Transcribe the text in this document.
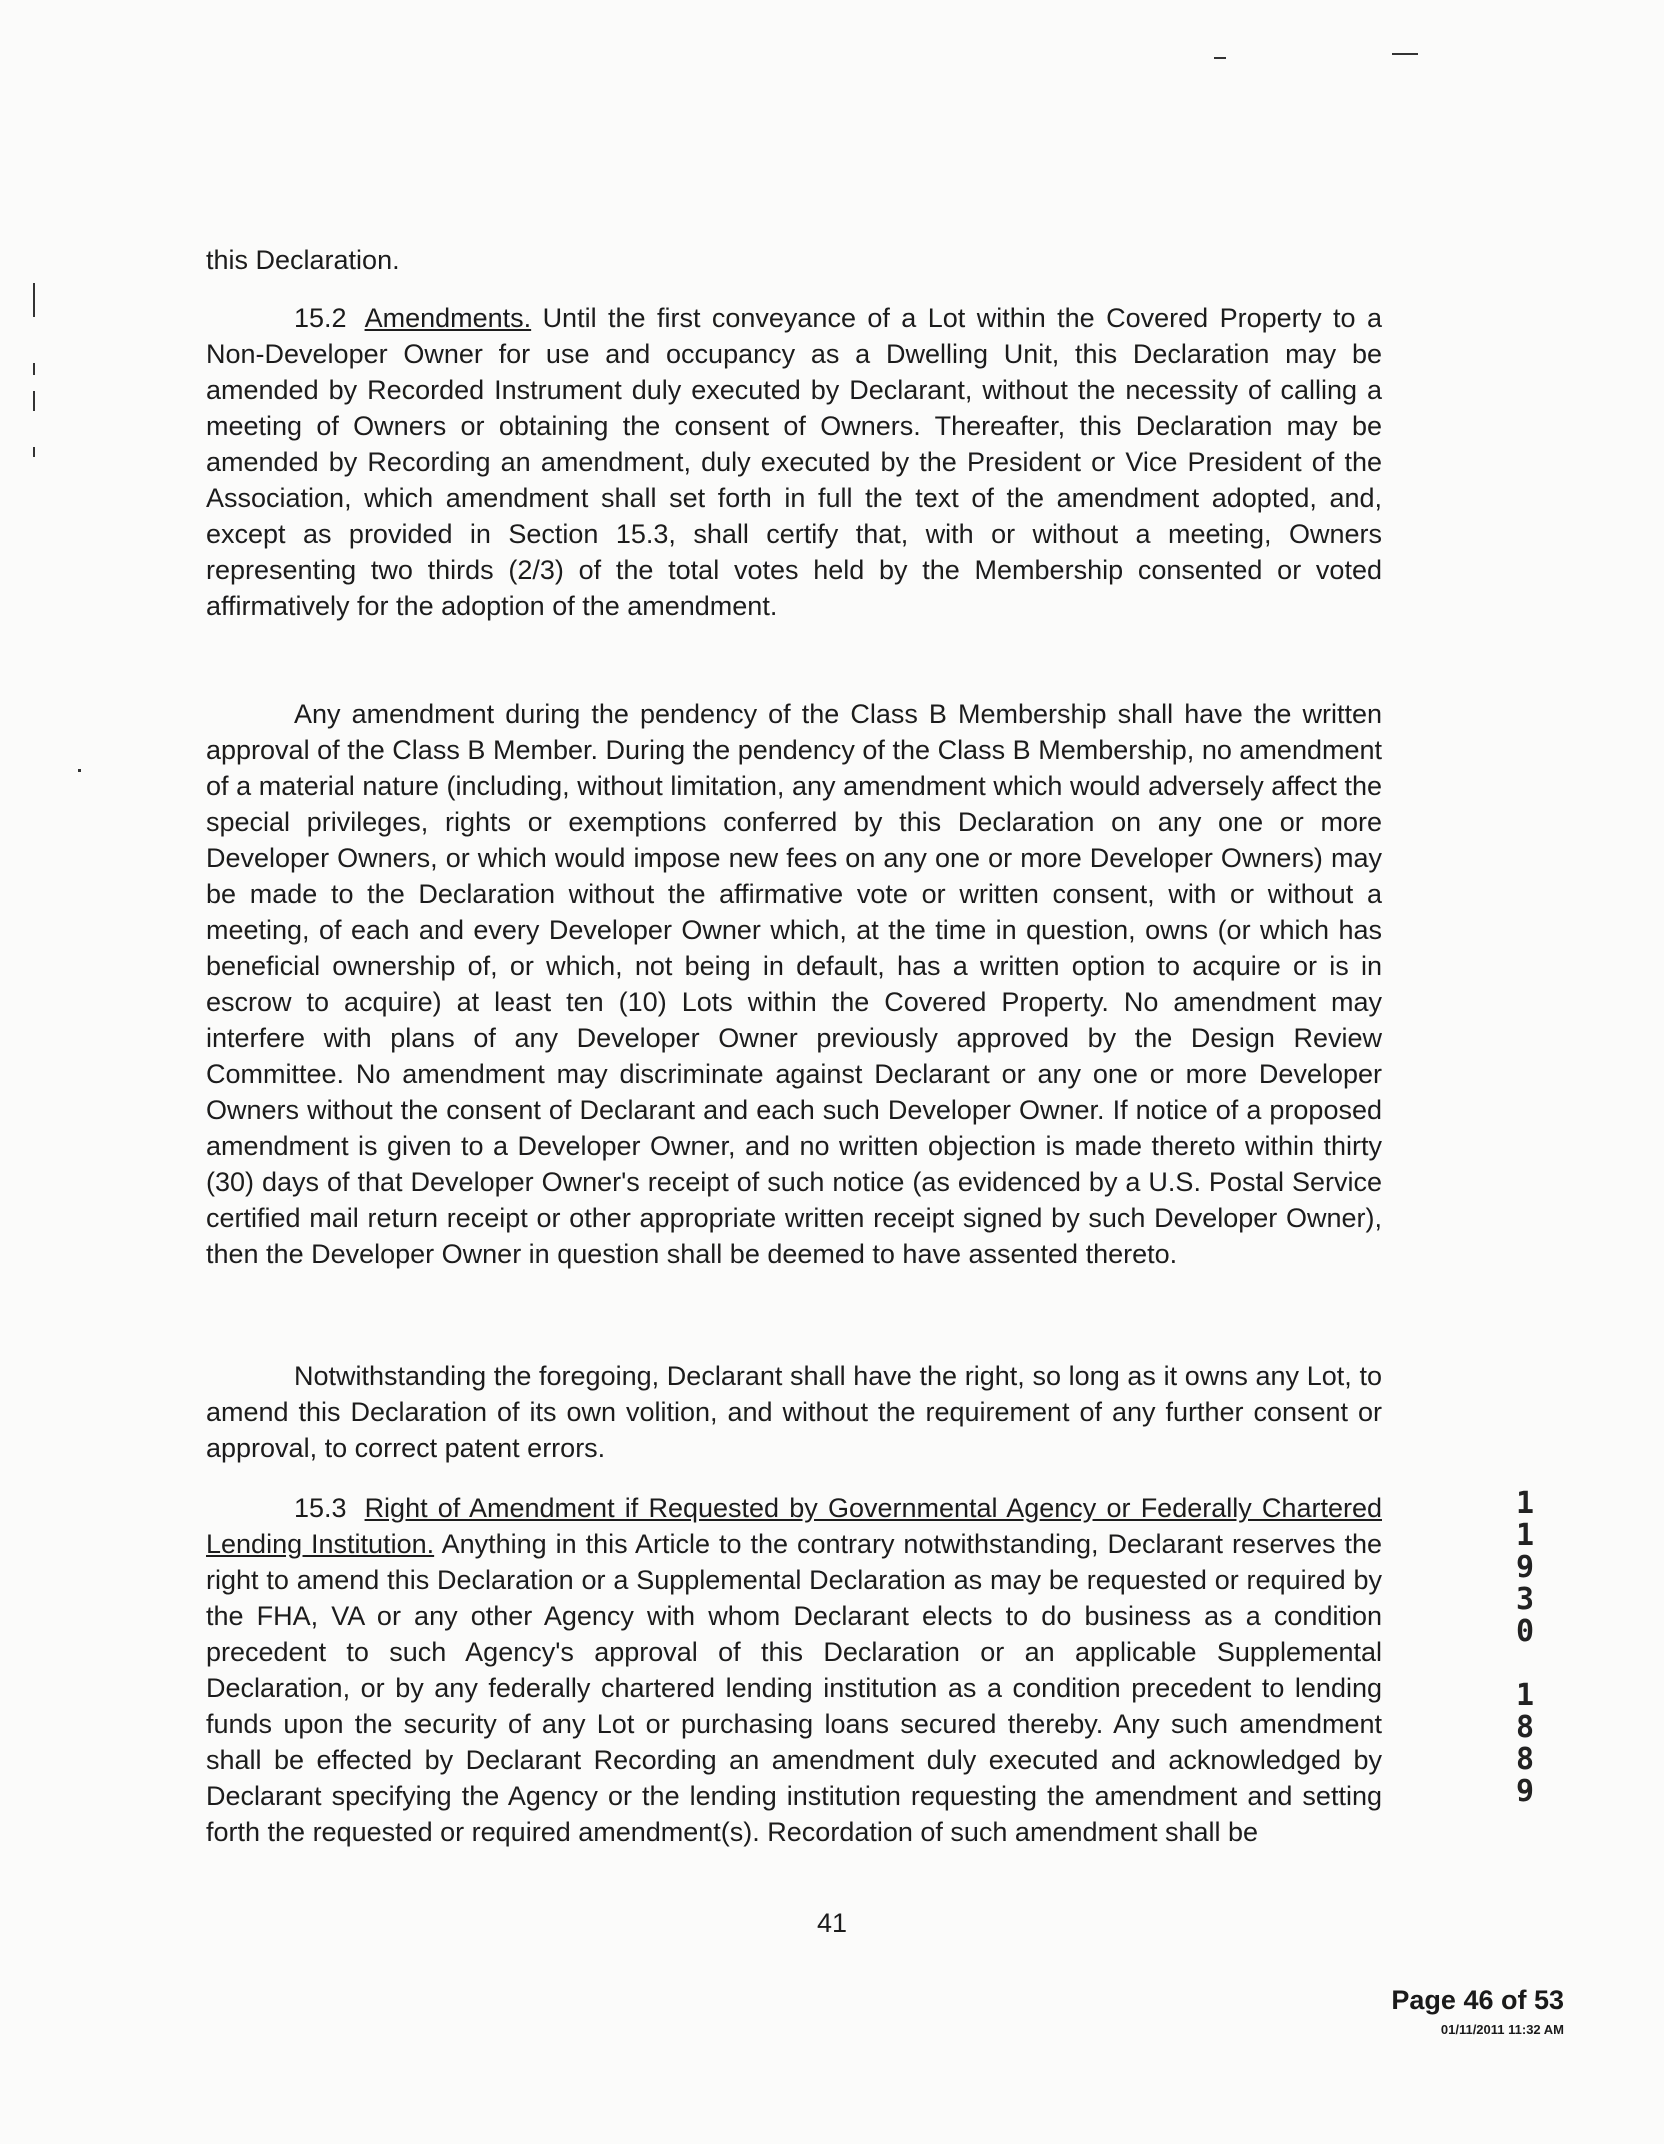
this Declaration.

15.2 Amendments. Until the first conveyance of a Lot within the Covered Property to a Non-Developer Owner for use and occupancy as a Dwelling Unit, this Declaration may be amended by Recorded Instrument duly executed by Declarant, without the necessity of calling a meeting of Owners or obtaining the consent of Owners. Thereafter, this Declaration may be amended by Recording an amendment, duly executed by the President or Vice President of the Association, which amendment shall set forth in full the text of the amendment adopted, and, except as provided in Section 15.3, shall certify that, with or without a meeting, Owners representing two thirds (2/3) of the total votes held by the Membership consented or voted affirmatively for the adoption of the amendment.

Any amendment during the pendency of the Class B Membership shall have the written approval of the Class B Member. During the pendency of the Class B Membership, no amendment of a material nature (including, without limitation, any amendment which would adversely affect the special privileges, rights or exemptions conferred by this Declaration on any one or more Developer Owners, or which would impose new fees on any one or more Developer Owners) may be made to the Declaration without the affirmative vote or written consent, with or without a meeting, of each and every Developer Owner which, at the time in question, owns (or which has beneficial ownership of, or which, not being in default, has a written option to acquire or is in escrow to acquire) at least ten (10) Lots within the Covered Property. No amendment may interfere with plans of any Developer Owner previously approved by the Design Review Committee. No amendment may discriminate against Declarant or any one or more Developer Owners without the consent of Declarant and each such Developer Owner. If notice of a proposed amendment is given to a Developer Owner, and no written objection is made thereto within thirty (30) days of that Developer Owner's receipt of such notice (as evidenced by a U.S. Postal Service certified mail return receipt or other appropriate written receipt signed by such Developer Owner), then the Developer Owner in question shall be deemed to have assented thereto.

Notwithstanding the foregoing, Declarant shall have the right, so long as it owns any Lot, to amend this Declaration of its own volition, and without the requirement of any further consent or approval, to correct patent errors.

15.3 Right of Amendment if Requested by Governmental Agency or Federally Chartered Lending Institution. Anything in this Article to the contrary notwithstanding, Declarant reserves the right to amend this Declaration or a Supplemental Declaration as may be requested or required by the FHA, VA or any other Agency with whom Declarant elects to do business as a condition precedent to such Agency's approval of this Declaration or an applicable Supplemental Declaration, or by any federally chartered lending institution as a condition precedent to lending funds upon the security of any Lot or purchasing loans secured thereby. Any such amendment shall be effected by Declarant Recording an amendment duly executed and acknowledged by Declarant specifying the Agency or the lending institution requesting the amendment and setting forth the requested or required amendment(s). Recordation of such amendment shall be

41
1
1
9
3
0
1
8
8
9
Page 46 of 53
01/11/2011 11:32 AM
